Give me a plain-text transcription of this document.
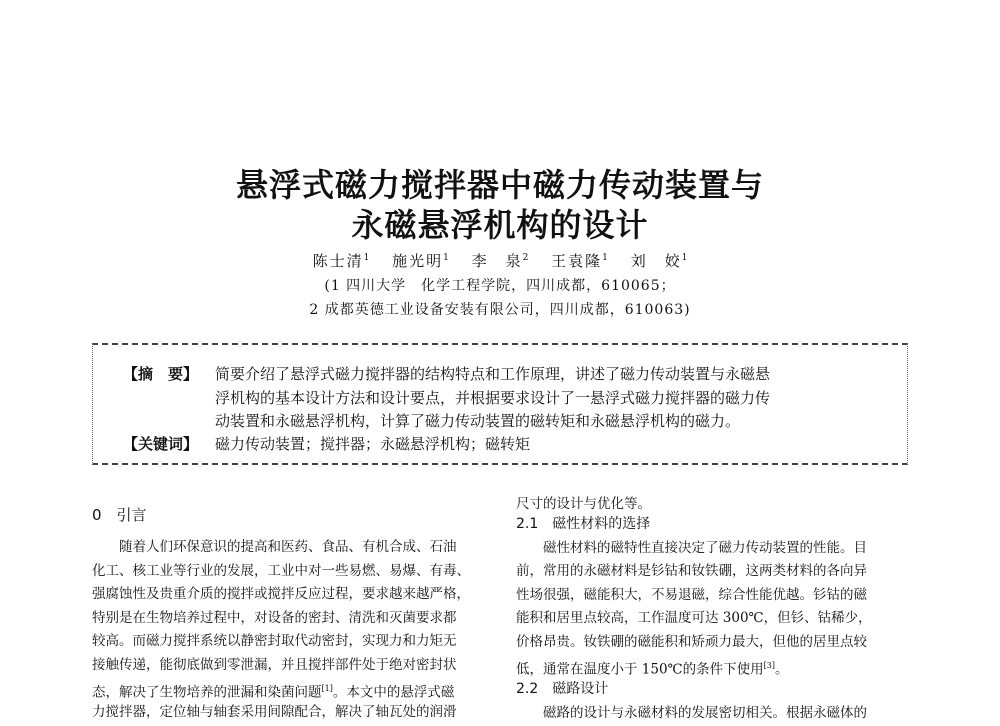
悬浮式磁力搅拌器中磁力传动装置与
永磁悬浮机构的设计
陈士清$^1$ 施光明$^1$ 李　泉$^2$ 王袁隆$^1$ 刘　姣$^1$
(1 四川大学　化学工程学院，四川成都，610065；
2 成都英德工业设备安装有限公司，四川成都，610063)
【摘　要】 简要介绍了悬浮式磁力搅拌器的结构特点和工作原理，讲述了磁力传动装置与永磁悬
浮机构的基本设计方法和设计要点，并根据要求设计了一悬浮式磁力搅拌器的磁力传
动装置和永磁悬浮机构，计算了磁力传动装置的磁转矩和永磁悬浮机构的磁力。
【关键词】 磁力传动装置；搅拌器；永磁悬浮机构；磁转矩
0　引言
　　随着人们环保意识的提高和医药、食品、有机合成、石油
化工、核工业等行业的发展，工业中对一些易燃、易爆、有毒、
强腐蚀性及贵重介质的搅拌或搅拌反应过程，要求越来越严格，
特别是在生物培养过程中，对设备的密封、清洗和灭菌要求都
较高。而磁力搅拌系统以静密封取代动密封，实现力和力矩无
接触传递，能彻底做到零泄漏，并且搅拌部件处于绝对密封状
态，解决了生物培养的泄漏和染菌问题[1]。本文中的悬浮式磁
力搅拌器，定位轴与轴套采用间隙配合，解决了轴瓦处的润滑
尺寸的设计与优化等。
2.1　磁性材料的选择
　　磁性材料的磁特性直接决定了磁力传动装置的性能。目
前，常用的永磁材料是钐钴和钕铁硼，这两类材料的各向异
性场很强，磁能积大，不易退磁，综合性能优越。钐钴的磁
能积和居里点较高，工作温度可达 300℃，但钐、钴稀少，
价格昂贵。钕铁硼的磁能积和矫顽力最大，但他的居里点较
低，通常在温度小于 150℃的条件下使用[3]。
2.2　磁路设计
　　磁路的设计与永磁材料的发展密切相关。根据永磁体的
